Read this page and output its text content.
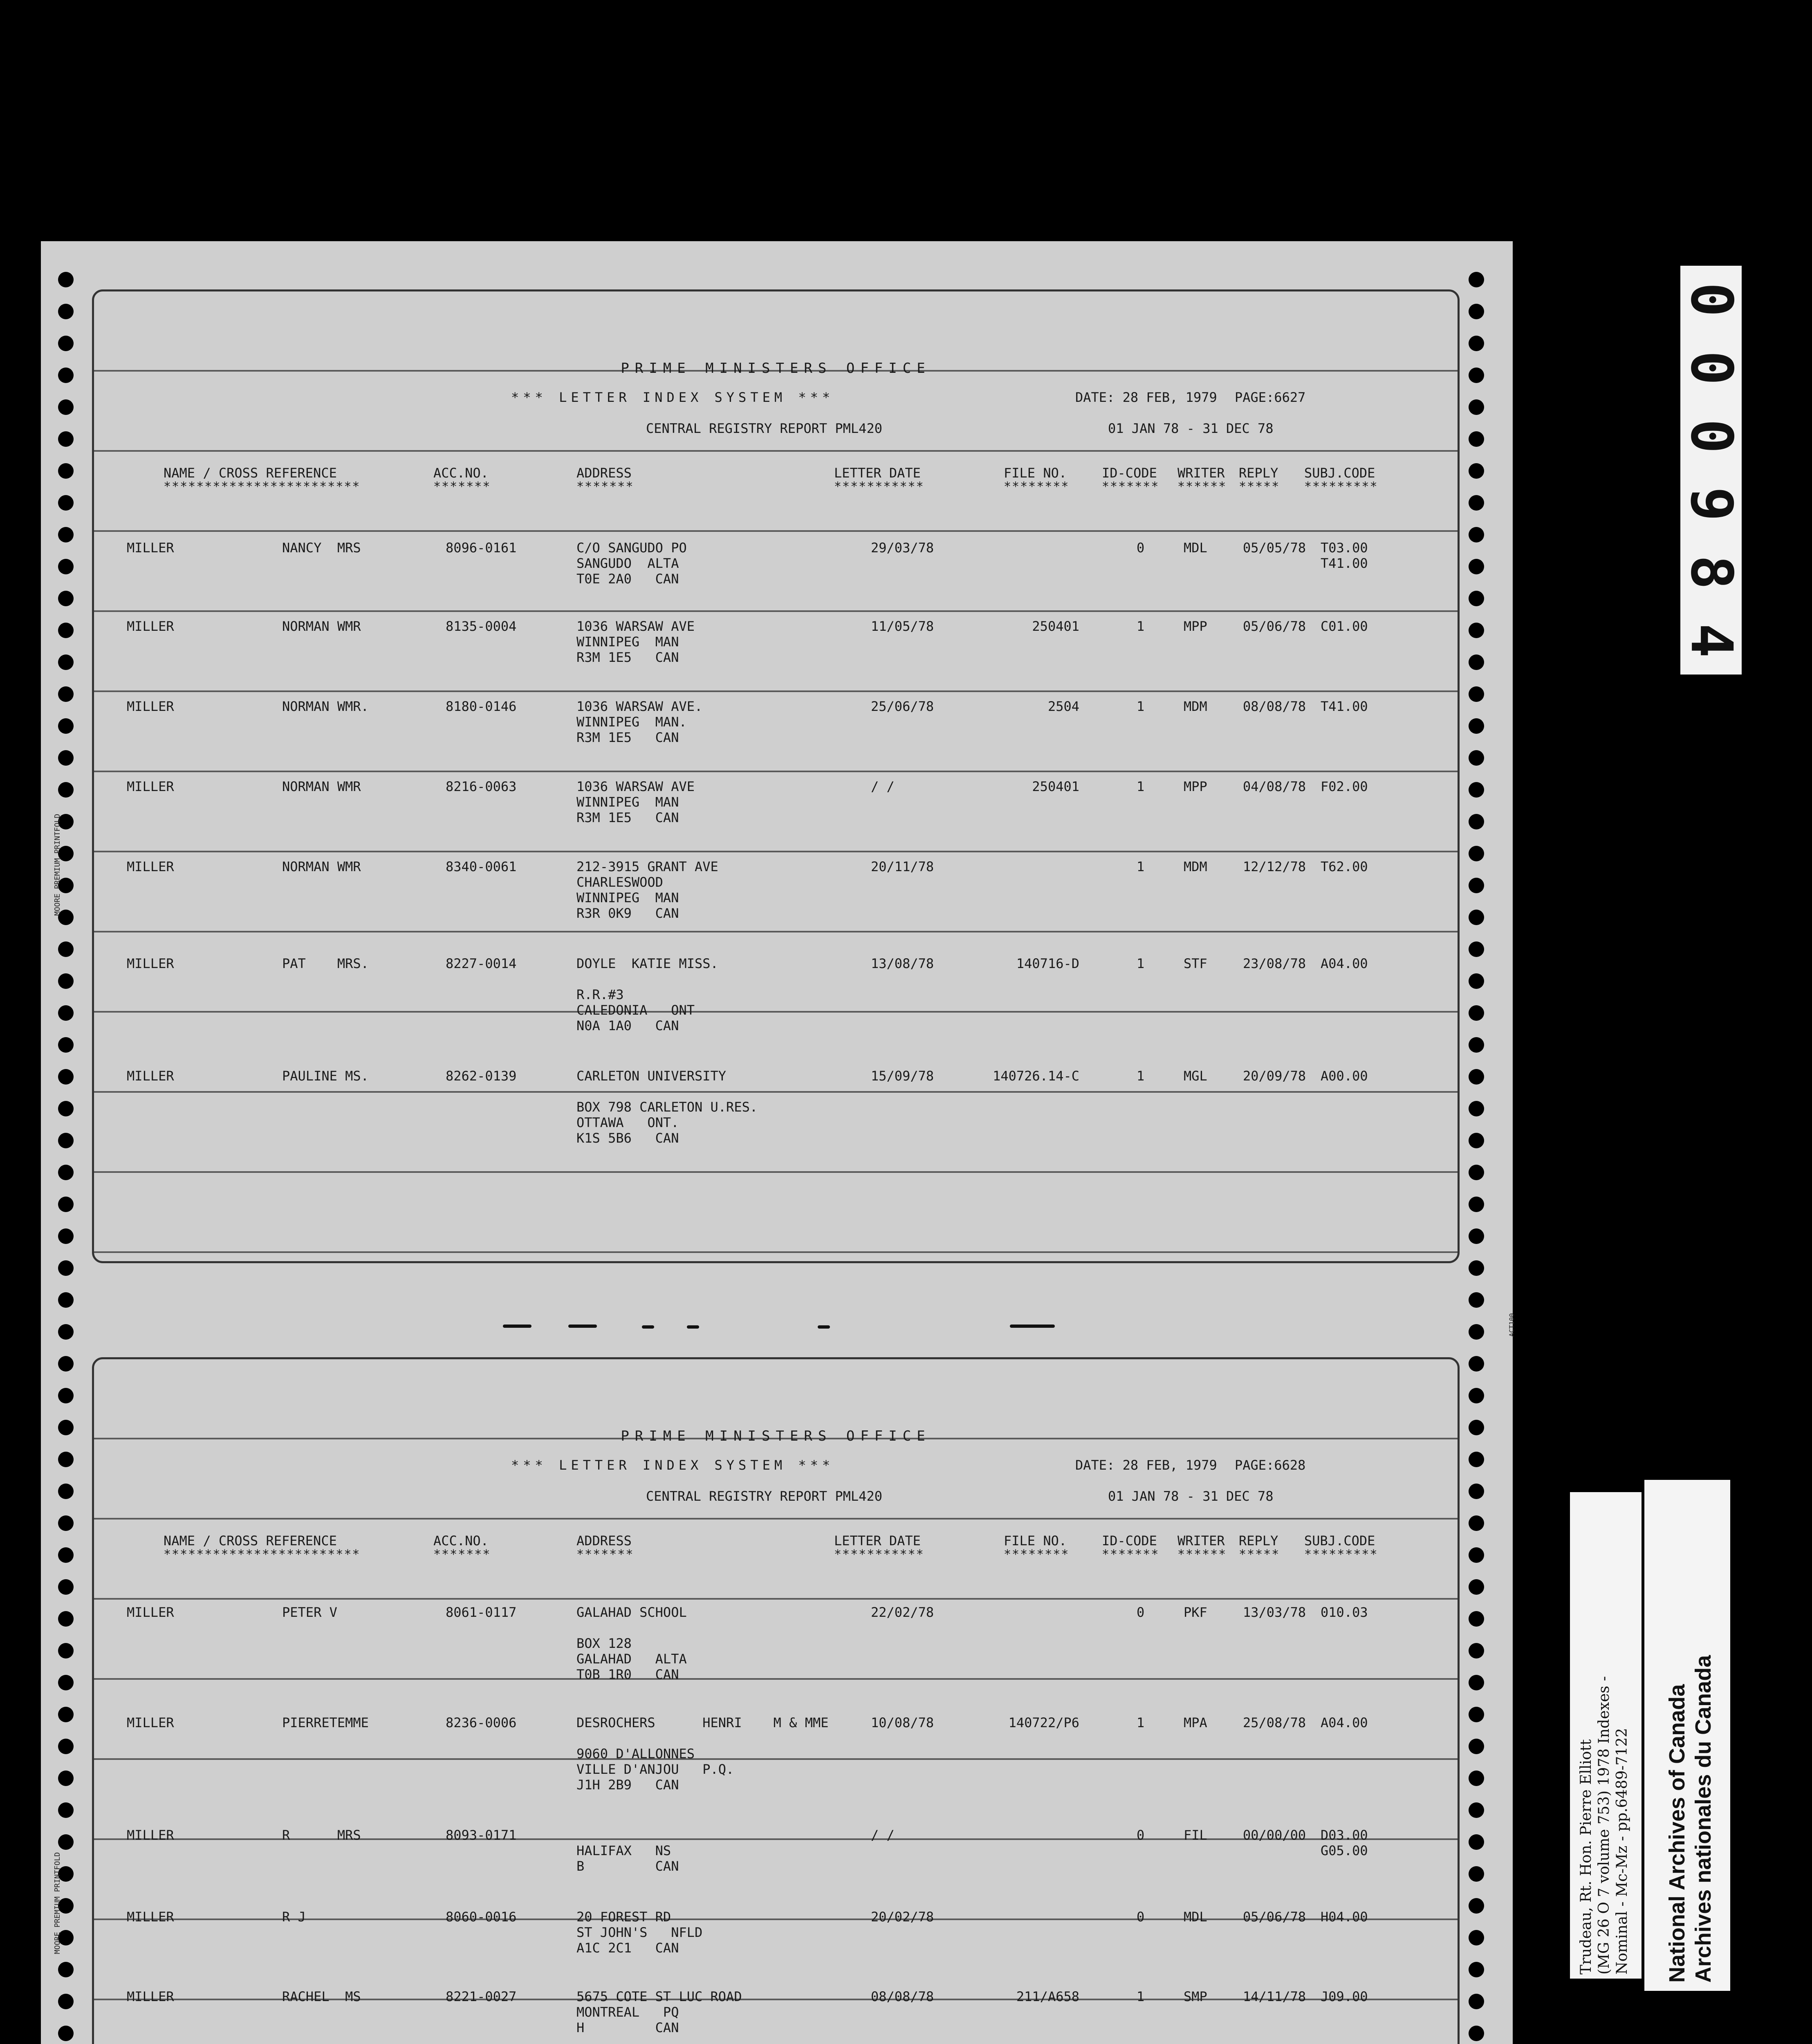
0
0
0
9
8
4
MOORE PREMIUM PRINTFOLD
MOORE PREMIUM PRINTFOLD
ACT100
PRIME MINISTERS OFFICE
*** LETTER INDEX SYSTEM ***	DATE: 28 FEB, 1979 PAGE:6627
CENTRAL REGISTRY REPORT PML420	01 JAN 78 - 31 DEC 78
NAME / CROSS REFERENCE	ACC.NO.	ADDRESS	LETTER DATE	FILE NO.	ID-CODE WRITER REPLY SUBJ.CODE
************************	*******	*******	***********	********	******* ****** ***** *********
MILLER	NANCY  MRS	8096-0161	C/O SANGUDO PO
SANGUDO  ALTA
T0E 2A0   CAN
29/03/78	0	MDL	05/05/78 T03.00
T41.00
MILLER	NORMAN WMR	8135-0004	1036 WARSAW AVE
WINNIPEG  MAN
R3M 1E5   CAN
11/05/78	250401	1	MPP	05/06/78 C01.00
MILLER	NORMAN WMR.	8180-0146	1036 WARSAW AVE.
WINNIPEG  MAN.
R3M 1E5   CAN
25/06/78	2504	1	MDM	08/08/78 T41.00
MILLER	NORMAN WMR	8216-0063	1036 WARSAW AVE
WINNIPEG  MAN
R3M 1E5   CAN
/ /	250401	1	MPP	04/08/78 F02.00
MILLER	NORMAN WMR	8340-0061	212-3915 GRANT AVE
CHARLESWOOD
WINNIPEG  MAN
R3R 0K9   CAN
20/11/78	1	MDM	12/12/78 T62.00
MILLER	PAT    MRS.	8227-0014	DOYLE  KATIE MISS.
R.R.#3
CALEDONIA   ONT
N0A 1A0   CAN
13/08/78	140716-D	1	STF	23/08/78 A04.00
MILLER	PAULINE MS.	8262-0139	CARLETON UNIVERSITY
BOX 798 CARLETON U.RES.
OTTAWA   ONT.
K1S 5B6   CAN
15/09/78	140726.14-C	1	MGL	20/09/78 A00.00
PRIME MINISTERS OFFICE
*** LETTER INDEX SYSTEM ***	DATE: 28 FEB, 1979 PAGE:6628
CENTRAL REGISTRY REPORT PML420	01 JAN 78 - 31 DEC 78
NAME / CROSS REFERENCE	ACC.NO.	ADDRESS	LETTER DATE	FILE NO.	ID-CODE WRITER REPLY SUBJ.CODE
************************	*******	*******	***********	********	******* ****** ***** *********
MILLER	PETER V	8061-0117	GALAHAD SCHOOL
BOX 128
GALAHAD   ALTA
T0B 1R0   CAN
22/02/78	0	PKF	13/03/78 010.03
MILLER	PIERRETEMME	8236-0006	DESROCHERS      HENRI    M & MME
9060 D'ALLONNES
VILLE D'ANJOU   P.Q.
J1H 2B9   CAN
10/08/78	140722/P6	1	MPA	25/08/78 A04.00
MILLER	R      MRS	8093-0171
HALIFAX   NS
B         CAN
/ /	0	FIL	00/00/00 D03.00
G05.00
MILLER	R J	8060-0016	20 FOREST RD
ST JOHN'S   NFLD
A1C 2C1   CAN
20/02/78	0	MDL	05/06/78 H04.00
MILLER	RACHEL  MS	8221-0027	5675 COTE ST LUC ROAD
MONTREAL   PQ
H         CAN
08/08/78	211/A658	1	SMP	14/11/78 J09.00
Trudeau, Rt. Hon. Pierre Elliott (MG 26 O 7 volume 753) 1978 Indexes - Nominal - Mc-Mz - pp.6489-7122 National Archives of Canada Archives nationales du Canada
